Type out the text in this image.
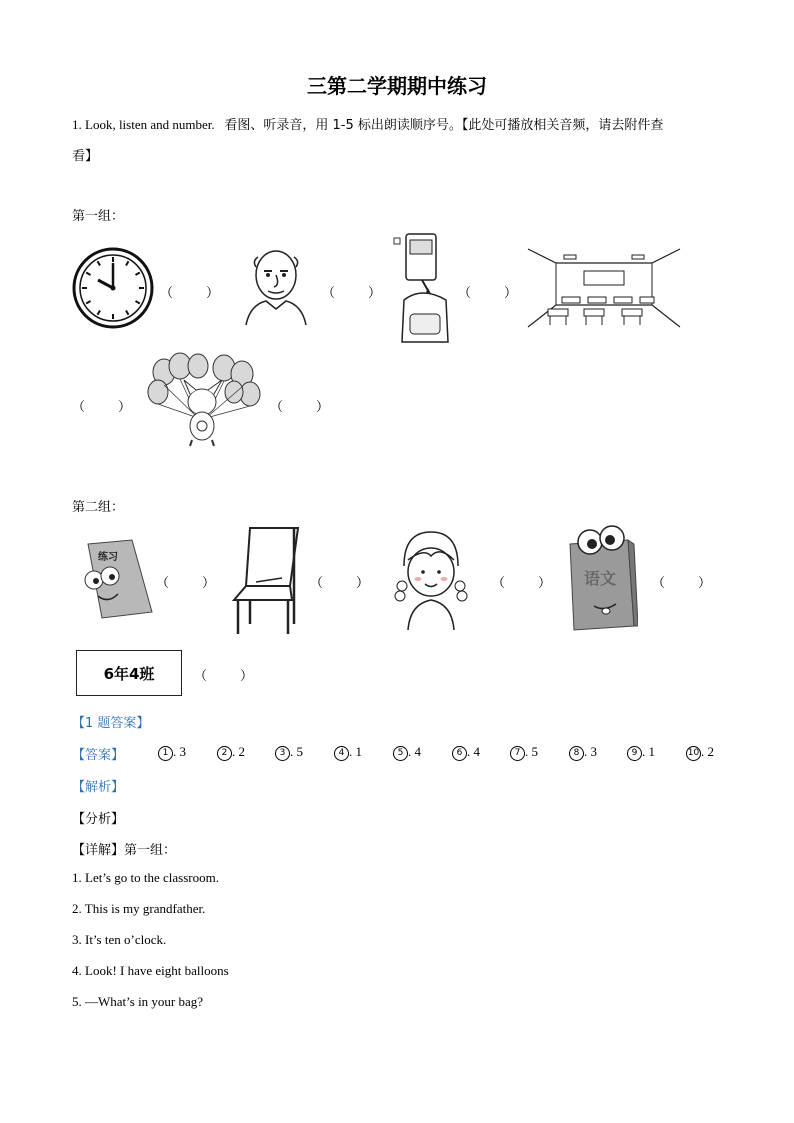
三第二学期期中练习
1. Look, listen and number. 看图、听录音，用 1-5 标出朗读顺序号。【此处可播放相关音频，请去附件查
看】
第一组：
（        ）	（        ）	（        ）
（        ）	（        ）
第二组：
练习
（        ）	（        ）	（        ） 语文	（        ）
6年4班	（        ）
【1 题答案】
【答案】	1 . 3	2 . 2	3 . 5	4 . 1	5 . 4	6 . 4	7 . 5	8 . 3	9 . 1	10 . 2
【解析】
【分析】
【详解】第一组：
1. Let’s go to the classroom.
2. This is my grandfather.
3. It’s ten o’clock.
4. Look! I have eight balloons
5. —What’s in your bag?
